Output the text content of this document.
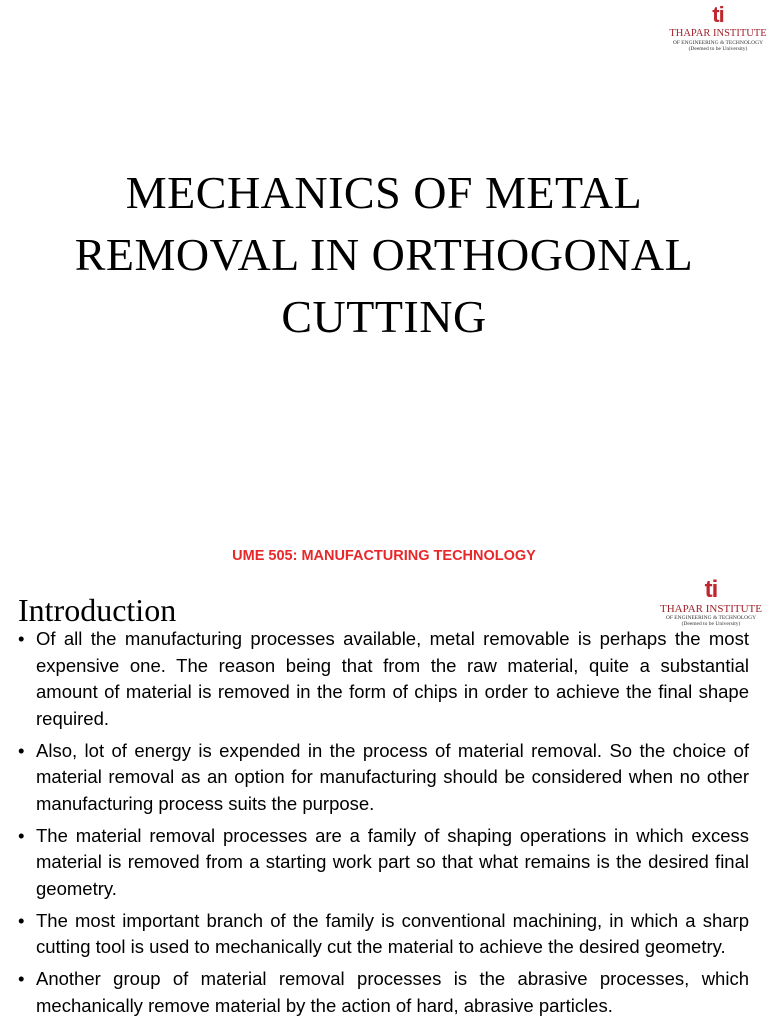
ti
THAPAR INSTITUTE
OF ENGINEERING & TECHNOLOGY
(Deemed to be University)
MECHANICS OF METAL
REMOVAL IN ORTHOGONAL
CUTTING
UME 505: MANUFACTURING TECHNOLOGY
ti
THAPAR INSTITUTE
OF ENGINEERING & TECHNOLOGY
(Deemed to be University)
Introduction
• Of all the manufacturing processes available, metal removable is perhaps the most expensive one. The reason being that from the raw material, quite a substantial amount of material is removed in the form of chips in order to achieve the final shape required.
• Also, lot of energy is expended in the process of material removal. So the choice of material removal as an option for manufacturing should be considered when no other manufacturing process suits the purpose.
• The material removal processes are a family of shaping operations in which excess material is removed from a starting work part so that what remains is the desired final geometry.
• The most important branch of the family is conventional machining, in which a sharp cutting tool is used to mechanically cut the material to achieve the desired geometry.
• Another group of material removal processes is the abrasive processes, which mechanically remove material by the action of hard, abrasive particles.
